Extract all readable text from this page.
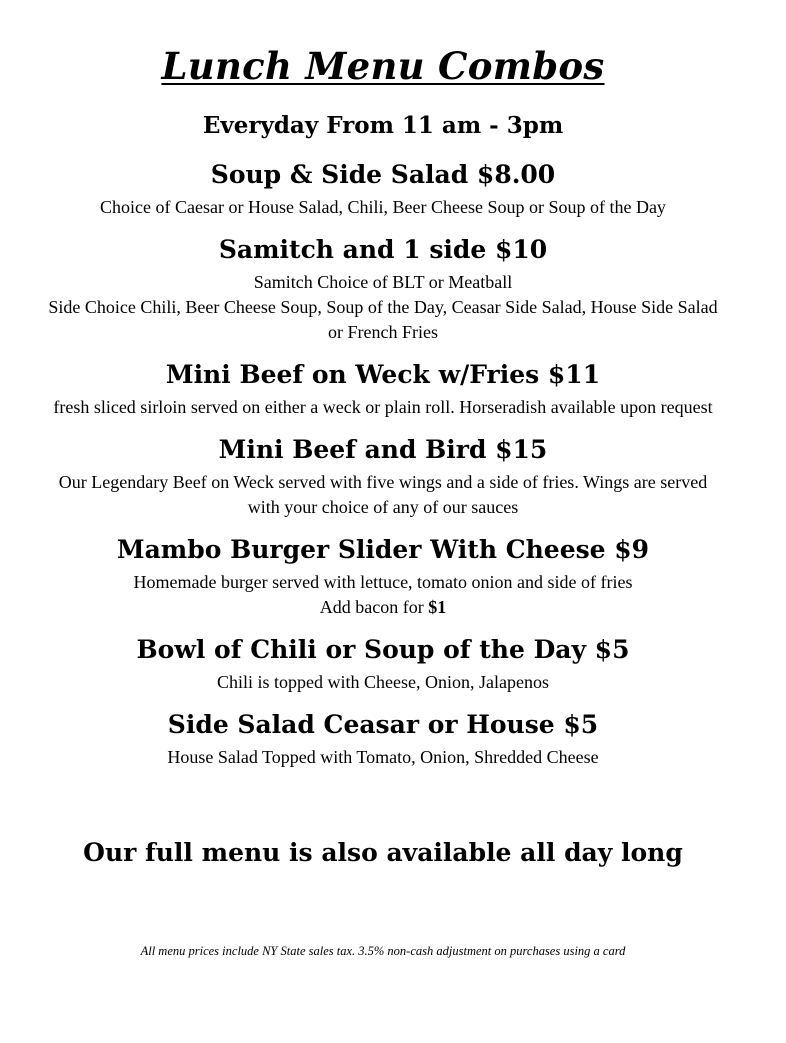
Lunch Menu Combos
Everyday From 11 am - 3pm
Soup & Side Salad $8.00
Choice of Caesar or House Salad, Chili, Beer Cheese Soup or Soup of the Day
Samitch and 1 side $10
Samitch Choice of BLT or Meatball
Side Choice Chili, Beer Cheese Soup, Soup of the Day, Ceasar Side Salad, House Side Salad
or French Fries
Mini Beef on Weck w/Fries $11
fresh sliced sirloin served on either a weck or plain roll. Horseradish available upon request
Mini Beef and Bird $15
Our Legendary Beef on Weck served with five wings and a side of fries. Wings are served
with your choice of any of our sauces
Mambo Burger Slider With Cheese $9
Homemade burger served with lettuce, tomato onion and side of fries
Add bacon for $1
Bowl of Chili or Soup of the Day $5
Chili is topped with Cheese, Onion, Jalapenos
Side Salad Ceasar or House $5
House Salad Topped with Tomato, Onion, Shredded Cheese
Our full menu is also available all day long

All menu prices include NY State sales tax. 3.5% non-cash adjustment on purchases using a card
